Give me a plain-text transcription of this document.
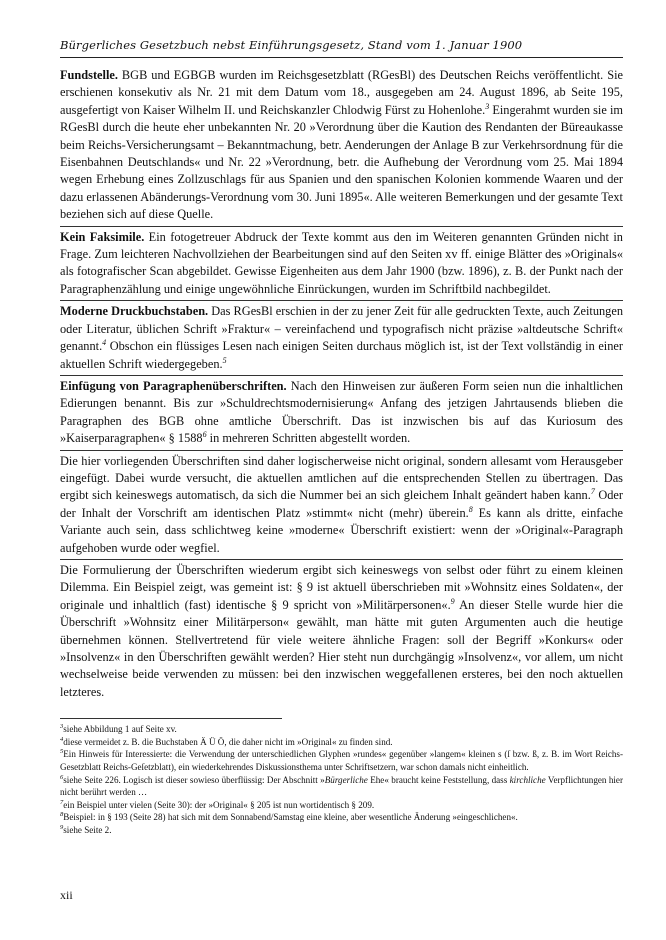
Bürgerliches Gesetzbuch nebst Einführungsgesetz, Stand vom 1. Januar 1900

Fundstelle. BGB und EGBGB wurden im Reichsgesetzblatt (RGesBl) des Deutschen Reichs veröffentlicht. Sie erschienen konsekutiv als Nr. 21 mit dem Datum vom 18., ausgegeben am 24. August 1896, ab Seite 195, ausgefertigt von Kaiser Wilhelm II. und Reichskanzler Chlodwig Fürst zu Hohenlohe.$^3$ Eingerahmt wurden sie im RGesBl durch die heute eher unbekannten Nr. 20 »Verordnung über die Kaution des Rendanten der Büreaukasse beim Reichs-Versicherungsamt – Bekanntmachung, betr. Aenderungen der Anlage B zur Verkehrsordnung für die Eisenbahnen Deutschlands« und Nr. 22 »Verordnung, betr. die Aufhebung der Verordnung vom 25. Mai 1894 wegen Erhebung eines Zollzuschlags für aus Spanien und den spanischen Kolonien kommende Waaren und der dazu erlassenen Abänderungs-Verordnung vom 30. Juni 1895«. Alle weiteren Bemerkungen und der gesamte Text beziehen sich auf diese Quelle.

Kein Faksimile. Ein fotogetreuer Abdruck der Texte kommt aus den im Weiteren genannten Gründen nicht in Frage. Zum leichteren Nachvollziehen der Bearbeitungen sind auf den Seiten xv ff. einige Blätter des »Originals« als fotografischer Scan abgebildet. Gewisse Eigenheiten aus dem Jahr 1900 (bzw. 1896), z. B. der Punkt nach der Paragraphenzählung und einige ungewöhnliche Einrückungen, wurden im Schriftbild nachbegildet.

Moderne Druckbuchstaben. Das RGesBl erschien in der zu jener Zeit für alle gedruckten Texte, auch Zeitungen oder Literatur, üblichen Schrift »Fraktur« – vereinfachend und typografisch nicht präzise »altdeutsche Schrift« genannt.$^4$ Obschon ein flüssiges Lesen nach einigen Seiten durchaus möglich ist, ist der Text vollständig in einer aktuellen Schrift wiedergegeben.$^5$

Einfügung von Paragraphenüberschriften. Nach den Hinweisen zur äußeren Form seien nun die inhaltlichen Edierungen benannt. Bis zur »Schuldrechtsmodernisierung« Anfang des jetzigen Jahrtausends blieben die Paragraphen des BGB ohne amtliche Überschrift. Das ist inzwischen bis auf das Kuriosum des »Kaiserparagraphen« § 1588$^6$ in mehreren Schritten abgestellt worden.

Die hier vorliegenden Überschriften sind daher logischerweise nicht original, sondern allesamt vom Herausgeber eingefügt. Dabei wurde versucht, die aktuellen amtlichen auf die entsprechenden Stellen zu übertragen. Das ergibt sich keineswegs automatisch, da sich die Nummer bei an sich gleichem Inhalt geändert haben kann.$^7$ Oder der Inhalt der Vorschrift am identischen Platz »stimmt« nicht (mehr) überein.$^8$ Es kann als dritte, einfache Variante auch sein, dass schlichtweg keine »moderne« Überschrift existiert: wenn der »Original«-Paragraph aufgehoben wurde oder wegfiel.

Die Formulierung der Überschriften wiederum ergibt sich keineswegs von selbst oder führt zu einem kleinen Dilemma. Ein Beispiel zeigt, was gemeint ist: § 9 ist aktuell überschrieben mit »Wohnsitz eines Soldaten«, der originale und inhaltlich (fast) identische § 9 spricht von »Militärpersonen«.$^9$ An dieser Stelle wurde hier die Überschrift »Wohnsitz einer Militärperson« gewählt, man hätte mit guten Argumenten auch die heutige übernehmen können. Stellvertretend für viele weitere ähnliche Fragen: soll der Begriff »Konkurs« oder »Insolvenz« in den Überschriften gewählt werden? Hier steht nun durchgängig »Insolvenz«, vor allem, um nicht wechselweise beide verwenden zu müssen: bei den inzwischen weggefallenen ersteres, bei den noch aktuellen letzteres.

$^3$siehe Abbildung 1 auf Seite xv.
$^4$diese vermeidet z. B. die Buchstaben Ä Ü Ö, die daher nicht im »Original« zu finden sind.
$^5$Ein Hinweis für Interessierte: die Verwendung der unterschiedlichen Glyphen »rundes« gegenüber »langem« kleinen s (ſ bzw. ß, z. B. im Wort Reichs-Gesetzblatt Reichs-Geſetzblatt), ein wiederkehrendes Diskussionsthema unter Schriftsetzern, war schon damals nicht einheitlich.
$^6$siehe Seite 226. Logisch ist dieser sowieso überflüssig: Der Abschnitt »Bürgerliche Ehe« braucht keine Feststellung, dass kirchliche Verpflichtungen hier nicht berührt werden …
$^7$ein Beispiel unter vielen (Seite 30): der »Original« § 205 ist nun wortidentisch § 209.
$^8$Beispiel: in § 193 (Seite 28) hat sich mit dem Sonnabend/Samstag eine kleine, aber wesentliche Änderung »eingeschlichen«.
$^9$siehe Seite 2.
xii
